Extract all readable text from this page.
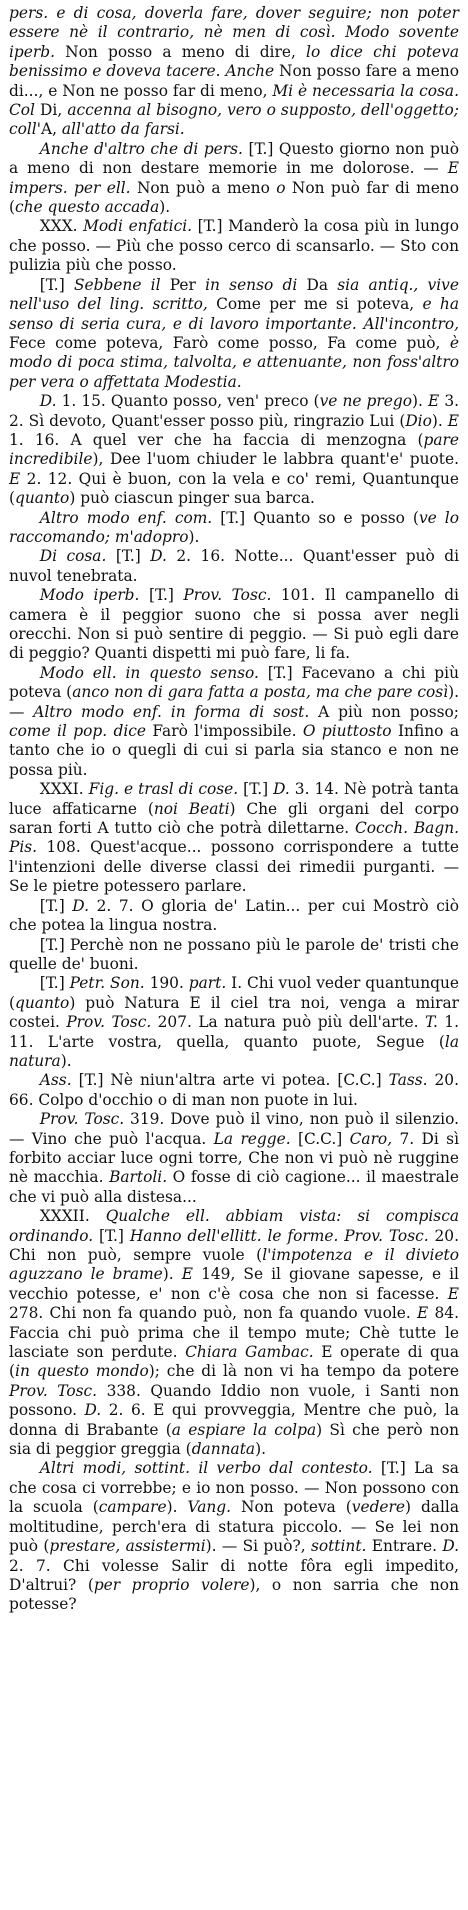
pers. e di cosa, doverla fare, dover seguire; non poter essere nè il contrario, nè men di così. Modo sovente iperb. Non posso a meno di dire, lo dice chi poteva benissimo e doveva tacere. Anche Non posso fare a meno di..., e Non ne posso far di meno, Mi è necessaria la cosa. Col Di, accenna al bisogno, vero o supposto, dell'oggetto; coll'A, all'atto da farsi.

Anche d'altro che di pers. [T.] Questo giorno non può a meno di non destare memorie in me dolorose. — E impers. per ell. Non può a meno o Non può far di meno (che questo accada).

XXX. Modi enfatici. [T.] Manderò la cosa più in lungo che posso. — Più che posso cerco di scansarlo. — Sto con pulizia più che posso.

[T.] Sebbene il Per in senso di Da sia antiq., vive nell'uso del ling. scritto, Come per me si poteva, e ha senso di seria cura, e di lavoro importante. All'incontro, Fece come poteva, Farò come posso, Fa come può, è modo di poca stima, talvolta, e attenuante, non foss'altro per vera o affettata Modestia.

D. 1. 15. Quanto posso, ven' preco (ve ne prego). E 3. 2. Sì devoto, Quant'esser posso più, ringrazio Lui (Dio). E 1. 16. A quel ver che ha faccia di menzogna (pare incredibile), Dee l'uom chiuder le labbra quant'e' puote. E 2. 12. Qui è buon, con la vela e co' remi, Quantunque (quanto) può ciascun pinger sua barca.

Altro modo enf. com. [T.] Quanto so e posso (ve lo raccomando; m'adopro).

Di cosa. [T.] D. 2. 16. Notte... Quant'esser può di nuvol tenebrata.

Modo iperb. [T.] Prov. Tosc. 101. Il campanello di camera è il peggior suono che si possa aver negli orecchi. Non si può sentire di peggio. — Si può egli dare di peggio? Quanti dispetti mi può fare, li fa.

Modo ell. in questo senso. [T.] Facevano a chi più poteva (anco non di gara fatta a posta, ma che pare così). — Altro modo enf. in forma di sost. A più non posso; come il pop. dice Farò l'impossibile. O piuttosto Infino a tanto che io o quegli di cui si parla sia stanco e non ne possa più.

XXXI. Fig. e trasl di cose. [T.] D. 3. 14. Nè potrà tanta luce affaticarne (noi Beati) Che gli organi del corpo saran forti A tutto ciò che potrà dilettarne. Cocch. Bagn. Pis. 108. Quest'acque... possono corrispondere a tutte l'intenzioni delle diverse classi dei rimedii purganti. — Se le pietre potessero parlare.

[T.] D. 2. 7. O gloria de' Latin... per cui Mostrò ciò che potea la lingua nostra.

[T.] Perchè non ne possano più le parole de' tristi che quelle de' buoni.

[T.] Petr. Son. 190. part. I. Chi vuol veder quantunque (quanto) può Natura E il ciel tra noi, venga a mirar costei. Prov. Tosc. 207. La natura può più dell'arte. T. 1. 11. L'arte vostra, quella, quanto puote, Segue (la natura).

Ass. [T.] Nè niun'altra arte vi potea. [C.C.] Tass. 20. 66. Colpo d'occhio o di man non puote in lui.

Prov. Tosc. 319. Dove può il vino, non può il silenzio. — Vino che può l'acqua. La regge. [C.C.] Caro, 7. Di sì forbito acciar luce ogni torre, Che non vi può nè ruggine nè macchia. Bartoli. O fosse di ciò cagione... il maestrale che vi può alla distesa...

XXXII. Qualche ell. abbiam vista: si compisca ordinando. [T.] Hanno dell'ellitt. le forme. Prov. Tosc. 20. Chi non può, sempre vuole (l'impotenza e il divieto aguzzano le brame). E 149, Se il giovane sapesse, e il vecchio potesse, e' non c'è cosa che non si facesse. E 278. Chi non fa quando può, non fa quando vuole. E 84. Faccia chi può prima che il tempo mute; Chè tutte le lasciate son perdute. Chiara Gambac. E operate di qua (in questo mondo); che di là non vi ha tempo da potere Prov. Tosc. 338. Quando Iddio non vuole, i Santi non possono. D. 2. 6. E qui provveggia, Mentre che può, la donna di Brabante (a espiare la colpa) Sì che però non sia di peggior greggia (dannata).

Altri modi, sottint. il verbo dal contesto. [T.] La sa che cosa ci vorrebbe; e io non posso. — Non possono con la scuola (campare). Vang. Non poteva (vedere) dalla moltitudine, perch'era di statura piccolo. — Se lei non può (prestare, assistermi). — Si può?, sottint. Entrare. D. 2. 7. Chi volesse Salir di notte fôra egli impedito, D'altrui? (per proprio volere), o non sarria che non potesse?
